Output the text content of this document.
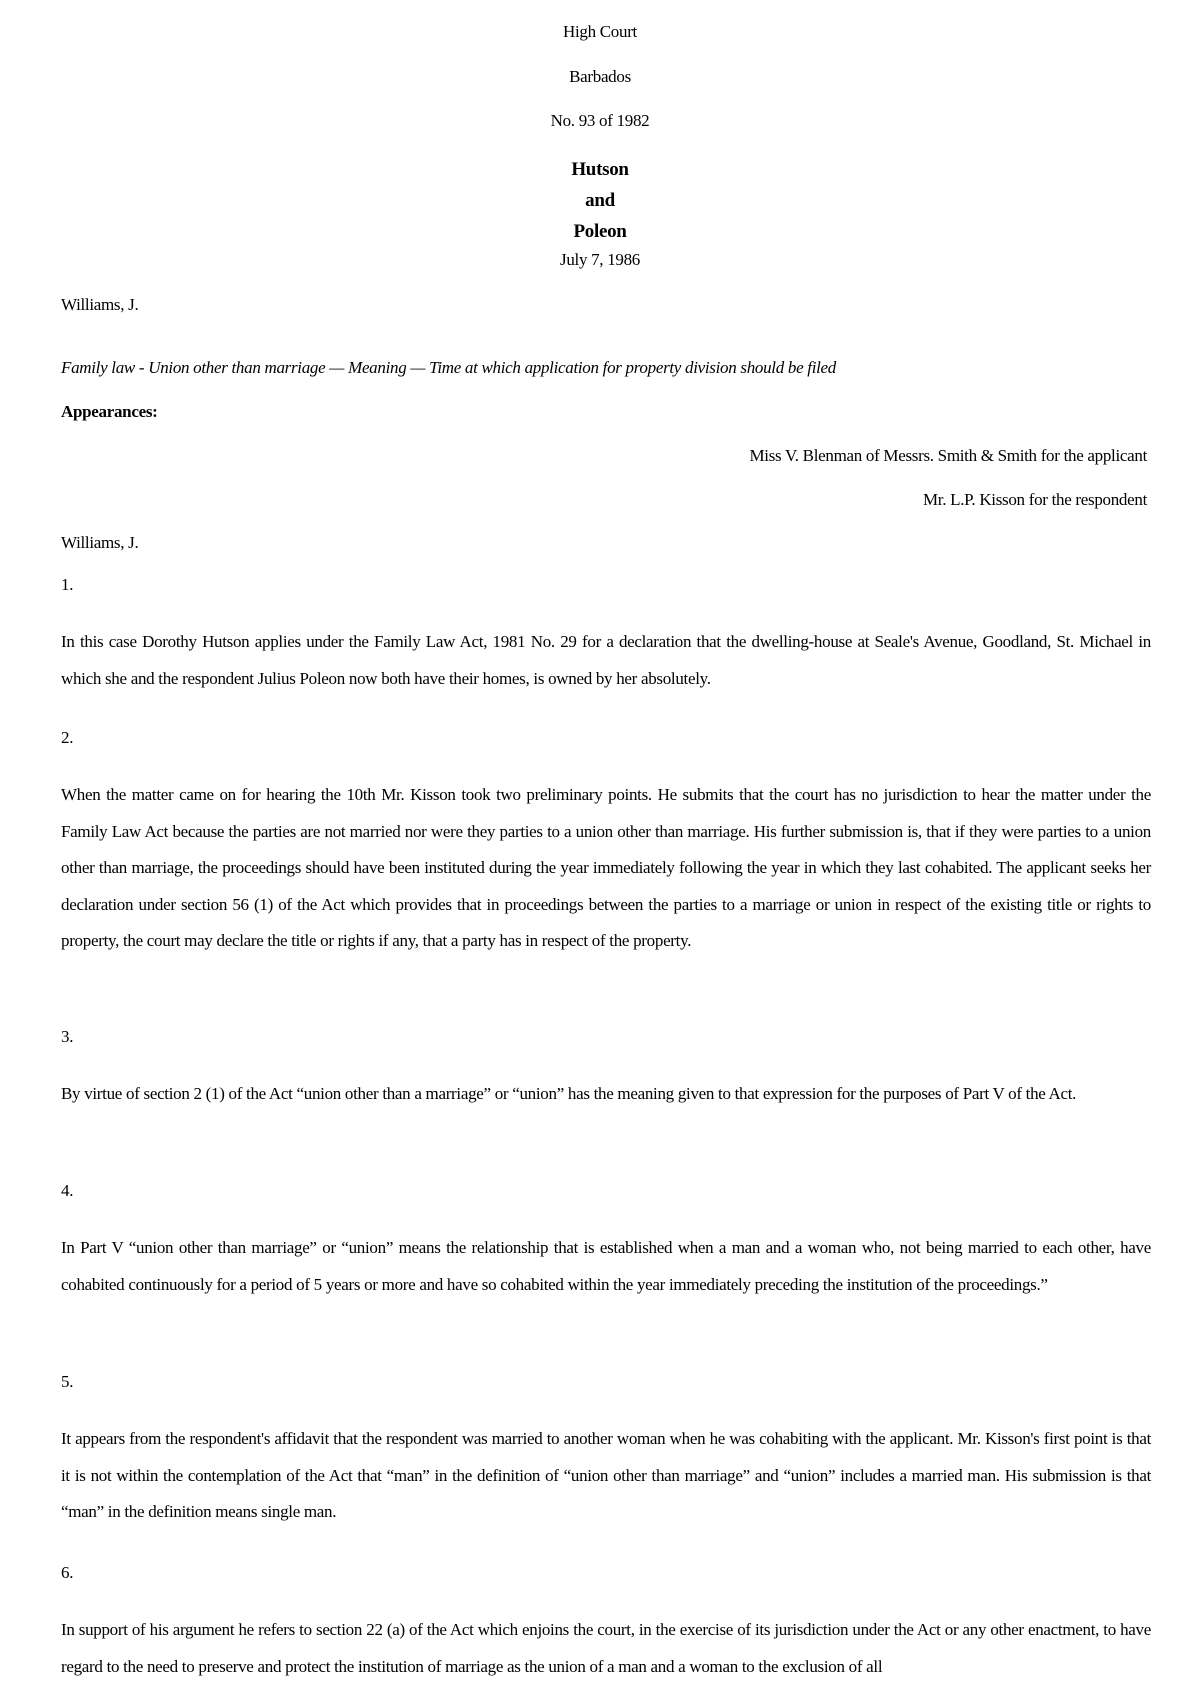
High Court
Barbados
No. 93 of 1982
Hutson
and
Poleon
July 7, 1986
Williams, J.
Family law - Union other than marriage — Meaning — Time at which application for property division should be filed
Appearances:
Miss V. Blenman of Messrs. Smith & Smith for the applicant
Mr. L.P. Kisson for the respondent
Williams, J.
1.
In this case Dorothy Hutson applies under the Family Law Act, 1981 No. 29 for a declaration that the dwelling-house at Seale's Avenue, Goodland, St. Michael in which she and the respondent Julius Poleon now both have their homes, is owned by her absolutely.
2.
When the matter came on for hearing the 10th Mr. Kisson took two preliminary points. He submits that the court has no jurisdiction to hear the matter under the Family Law Act because the parties are not married nor were they parties to a union other than marriage. His further submission is, that if they were parties to a union other than marriage, the proceedings should have been instituted during the year immediately following the year in which they last cohabited. The applicant seeks her declaration under section 56 (1) of the Act which provides that in proceedings between the parties to a marriage or union in respect of the existing title or rights to property, the court may declare the title or rights if any, that a party has in respect of the property.
3.
By virtue of section 2 (1) of the Act “union other than a marriage” or “union” has the meaning given to that expression for the purposes of Part V of the Act.
4.
In Part V “union other than marriage” or “union” means the relationship that is established when a man and a woman who, not being married to each other, have cohabited continuously for a period of 5 years or more and have so cohabited within the year immediately preceding the institution of the proceedings.”
5.
It appears from the respondent's affidavit that the respondent was married to another woman when he was cohabiting with the applicant. Mr. Kisson's first point is that it is not within the contemplation of the Act that “man” in the definition of “union other than marriage” and “union” includes a married man. His submission is that “man” in the definition means single man.
6.
In support of his argument he refers to section 22 (a) of the Act which enjoins the court, in the exercise of its jurisdiction under the Act or any other enactment, to have regard to the need to preserve and protect the institution of marriage as the union of a man and a woman to the exclusion of all
